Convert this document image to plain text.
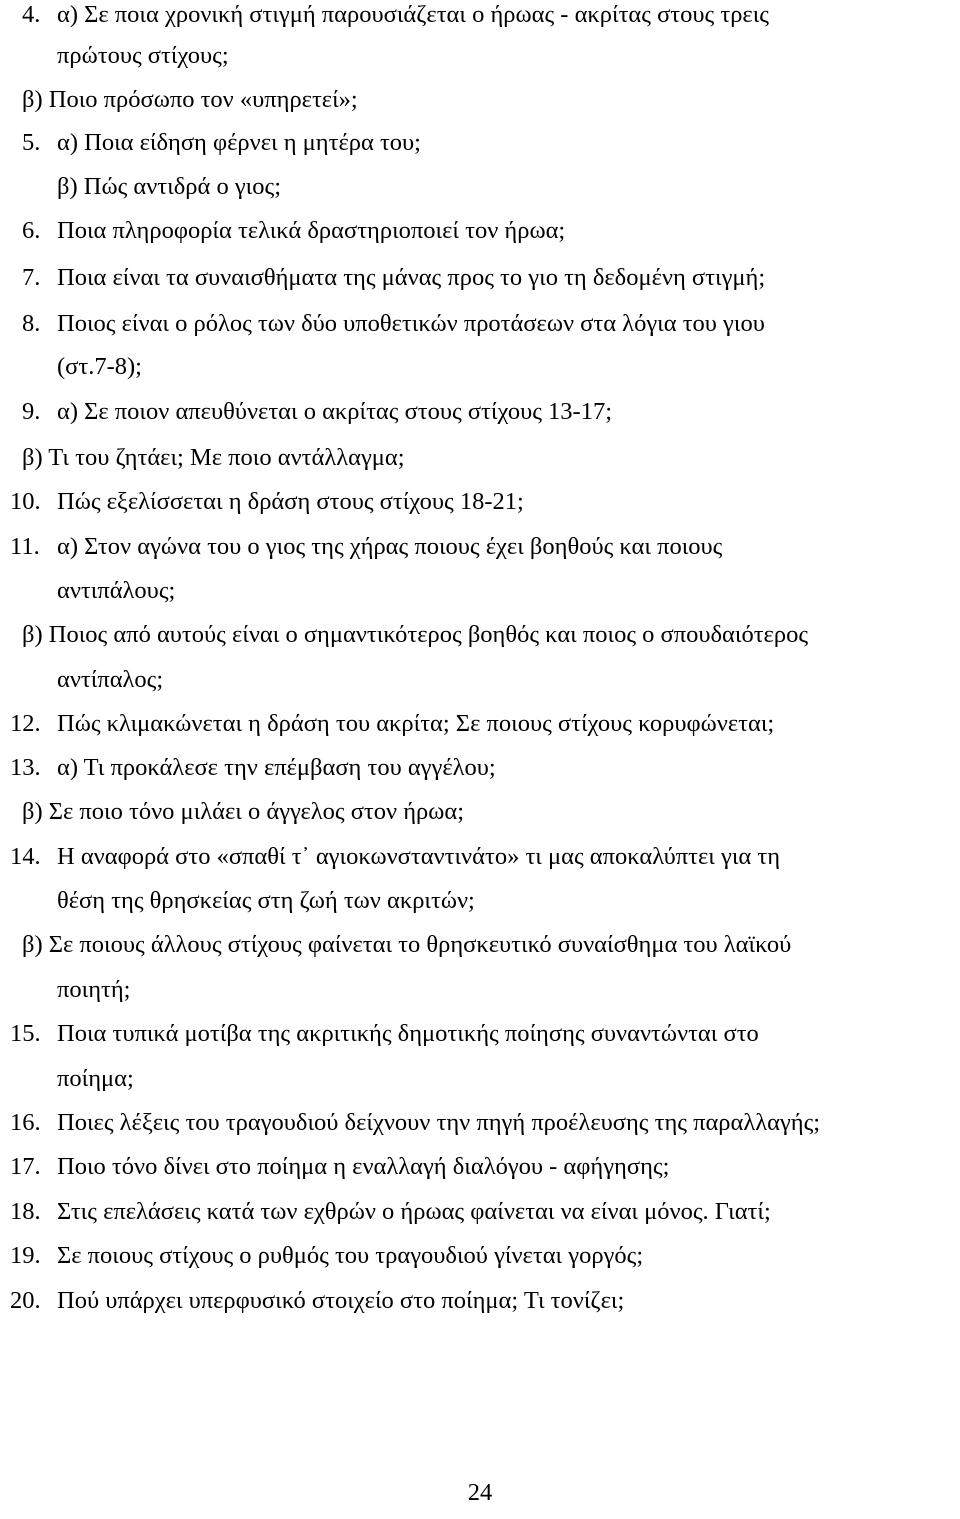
4. α) Σε ποια χρονική στιγμή παρουσιάζεται ο ήρωας - ακρίτας στους τρεις
πρώτους στίχους;
β) Ποιο πρόσωπο τον «υπηρετεί»;
5. α) Ποια είδηση φέρνει η μητέρα του;
β) Πώς αντιδρά ο γιος;
6. Ποια πληροφορία τελικά δραστηριοποιεί τον ήρωα;
7. Ποια είναι τα συναισθήματα της μάνας προς το γιο τη δεδομένη στιγμή;
8. Ποιος είναι ο ρόλος των δύο υποθετικών προτάσεων στα λόγια του γιου
(στ.7-8);
9. α) Σε ποιον απευθύνεται ο ακρίτας στους στίχους 13-17;
β) Τι του ζητάει; Με ποιο αντάλλαγμα;
10. Πώς εξελίσσεται η δράση στους στίχους 18-21;
11. α) Στον αγώνα του ο γιος της χήρας ποιους έχει βοηθούς και ποιους
αντιπάλους;
β) Ποιος από αυτούς είναι ο σημαντικότερος βοηθός και ποιος ο σπουδαιότερος
αντίπαλος;
12. Πώς κλιμακώνεται η δράση του ακρίτα; Σε ποιους στίχους κορυφώνεται;
13. α) Τι προκάλεσε την επέμβαση του αγγέλου;
β) Σε ποιο τόνο μιλάει ο άγγελος στον ήρωα;
14. Η αναφορά στο «σπαθί τ᾽ αγιοκωνσταντινάτο» τι μας αποκαλύπτει για τη
θέση της θρησκείας στη ζωή των ακριτών;
β) Σε ποιους άλλους στίχους φαίνεται το θρησκευτικό συναίσθημα του λαϊκού
ποιητή;
15. Ποια τυπικά μοτίβα της ακριτικής δημοτικής ποίησης συναντώνται στο
ποίημα;
16. Ποιες λέξεις του τραγουδιού δείχνουν την πηγή προέλευσης της παραλλαγής;
17. Ποιο τόνο δίνει στο ποίημα η εναλλαγή διαλόγου - αφήγησης;
18. Στις επελάσεις κατά των εχθρών ο ήρωας φαίνεται να είναι μόνος. Γιατί;
19. Σε ποιους στίχους ο ρυθμός του τραγουδιού γίνεται γοργός;
20. Πού υπάρχει υπερφυσικό στοιχείο στο ποίημα; Τι τονίζει;
24
